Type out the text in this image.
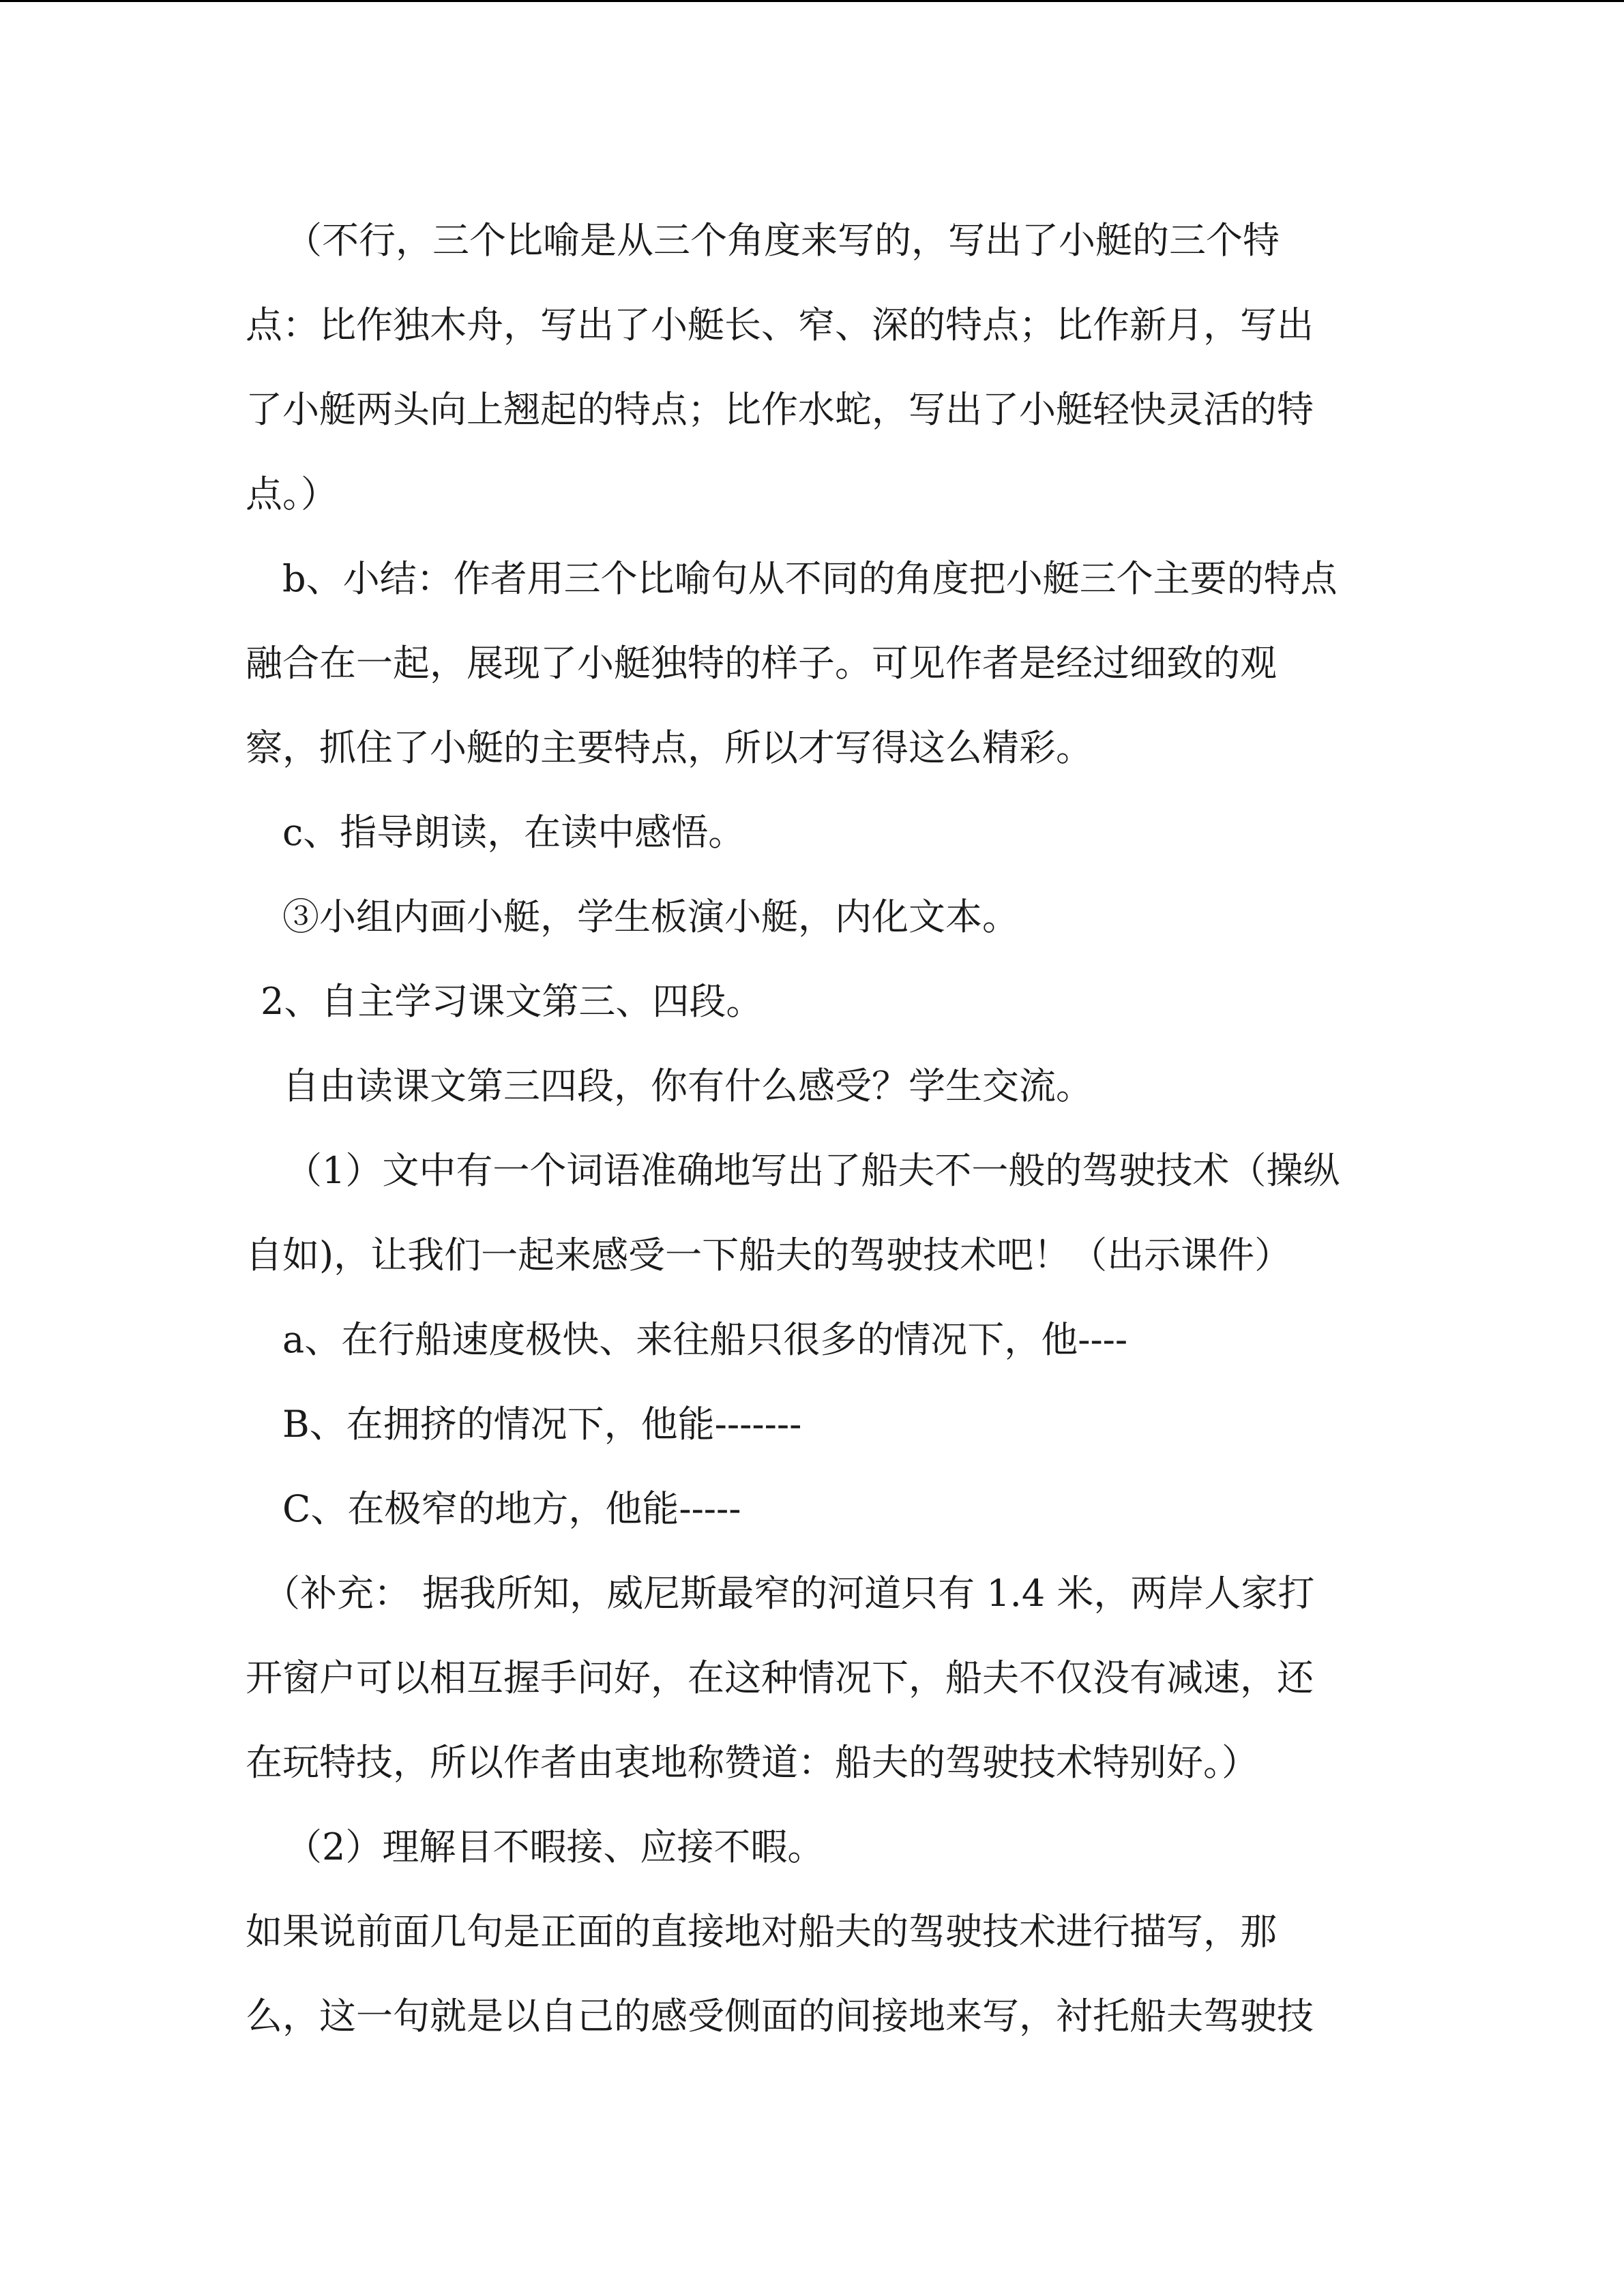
（不行，三个比喻是从三个角度来写的，写出了小艇的三个特
点：比作独木舟，写出了小艇长、窄、深的特点；比作新月，写出
了小艇两头向上翘起的特点；比作水蛇，写出了小艇轻快灵活的特
点。）
b、小结：作者用三个比喻句从不同的角度把小艇三个主要的特点
融合在一起，展现了小艇独特的样子。可见作者是经过细致的观
察，抓住了小艇的主要特点，所以才写得这么精彩。
c、指导朗读，在读中感悟。
③小组内画小艇，学生板演小艇，内化文本。
2、自主学习课文第三、四段。
自由读课文第三四段，你有什么感受？学生交流。
（1）文中有一个词语准确地写出了船夫不一般的驾驶技术（操纵
自如)，让我们一起来感受一下船夫的驾驶技术吧！（出示课件）
a、在行船速度极快、来往船只很多的情况下，他----
B、在拥挤的情况下，他能-------
C、在极窄的地方，他能-----
（补充： 据我所知，威尼斯最窄的河道只有 1.4 米，两岸人家打
开窗户可以相互握手问好，在这种情况下，船夫不仅没有减速，还
在玩特技，所以作者由衷地称赞道：船夫的驾驶技术特别好。）
（2）理解目不暇接、应接不暇。
如果说前面几句是正面的直接地对船夫的驾驶技术进行描写，那
么，这一句就是以自己的感受侧面的间接地来写，衬托船夫驾驶技
